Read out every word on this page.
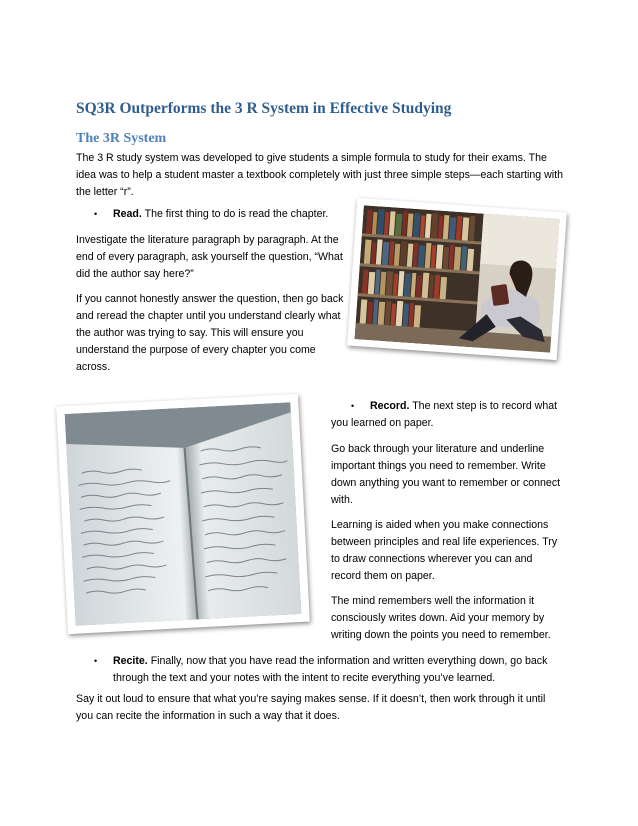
SQ3R Outperforms the 3 R System in Effective Studying
The 3R System

The 3 R study system was developed to give students a simple formula to study for their exams. The idea was to help a student master a textbook completely with just three simple steps—each starting with the letter “r”.

• Read. The first thing to do is read the chapter.

Investigate the literature paragraph by paragraph. At the end of every paragraph, ask yourself the question, “What did the author say here?”

If you cannot honestly answer the question, then go back and reread the chapter until you understand clearly what the author was trying to say. This will ensure you understand the purpose of every chapter you come across.

•	Record. The next step is to record what you learned on paper.

Go back through your literature and underline important things you need to remember. Write down anything you want to remember or connect with.

Learning is aided when you make connections between principles and real life experiences. Try to draw connections wherever you can and record them on paper.

The mind remembers well the information it consciously writes down. Aid your memory by writing down the points you need to remember.

• Recite. Finally, now that you have read the information and written everything down, go back through the text and your notes with the intent to recite everything you’ve learned.

Say it out loud to ensure that what you’re saying makes sense. If it doesn’t, then work through it until you can recite the information in such a way that it does.
